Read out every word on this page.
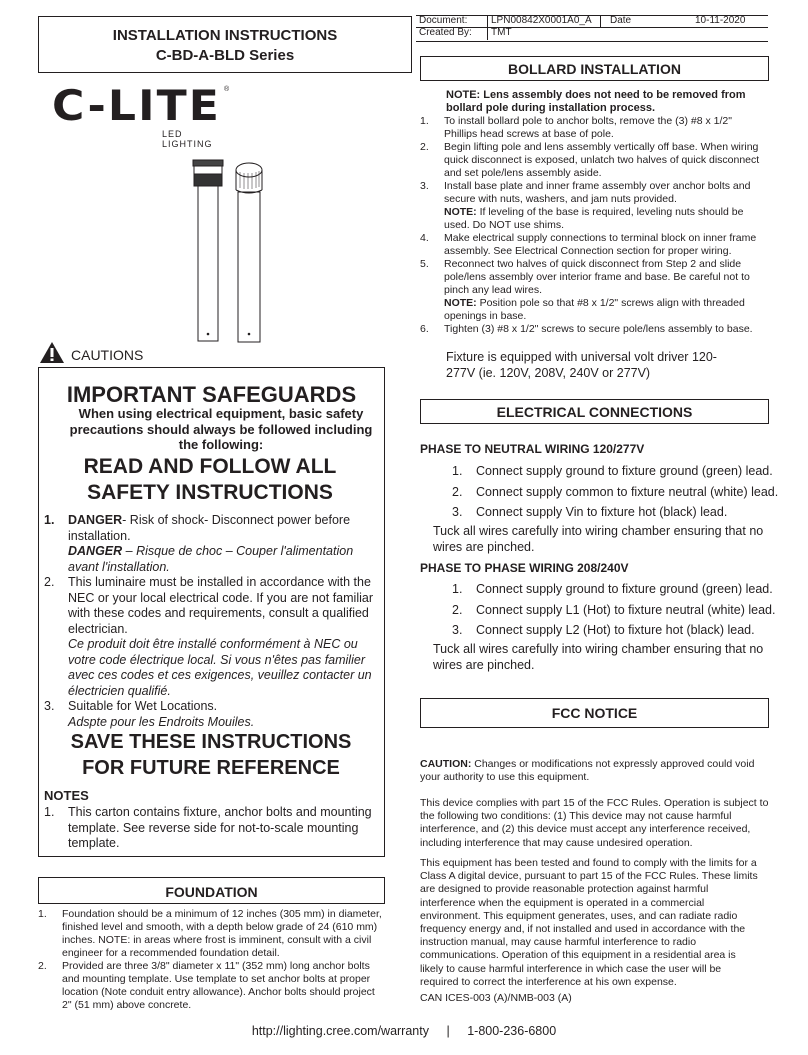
INSTALLATION INSTRUCTIONS
C-BD-A-BLD Series
Document: LPN00842X0001A0_A Date	10-11-2020
Created By: TMT
C-LITE ®
LED LIGHTING
CAUTIONS
IMPORTANT SAFEGUARDS
When using electrical equipment, basic safety precautions should always be followed including the following:
READ AND FOLLOW ALL SAFETY INSTRUCTIONS
1. DANGER- Risk of shock- Disconnect power before installation.
DANGER – Risque de choc – Couper l'alimentation avant l'installation.
2. This luminaire must be installed in accordance with the NEC or your local electrical code. If you are not familiar with these codes and requirements, consult a qualified electrician.
Ce produit doit être installé conformément à NEC ou votre code électrique local. Si vous n'êtes pas familier avec ces codes et ces exigences, veuillez contacter un électricien qualifié.
3. Suitable for Wet Locations.
Adspte pour les Endroits Mouiles.
SAVE THESE INSTRUCTIONS FOR FUTURE REFERENCE
NOTES
1. This carton contains fixture, anchor bolts and mounting template. See reverse side for not-to-scale mounting template.
FOUNDATION
1. Foundation should be a minimum of 12 inches (305 mm) in diameter, finished level and smooth, with a depth below grade of 24 (610 mm) inches. NOTE: in areas where frost is imminent, consult with a civil engineer for a recommended foundation detail.
2. Provided are three 3/8" diameter x 11" (352 mm) long anchor bolts and mounting template. Use template to set anchor bolts at proper location (Note conduit entry allowance). Anchor bolts should project 2" (51 mm) above concrete.
BOLLARD INSTALLATION
NOTE: Lens assembly does not need to be removed from bollard pole during installation process.
1. To install bollard pole to anchor bolts, remove the (3) #8 x 1/2" Phillips head screws at base of pole.
2. Begin lifting pole and lens assembly vertically off base. When wiring quick disconnect is exposed, unlatch two halves of quick disconnect and set pole/lens assembly aside.
3. Install base plate and inner frame assembly over anchor bolts and secure with nuts, washers, and jam nuts provided.
NOTE: If leveling of the base is required, leveling nuts should be used. Do NOT use shims.
4. Make electrical supply connections to terminal block on inner frame assembly. See Electrical Connection section for proper wiring.
5. Reconnect two halves of quick disconnect from Step 2 and slide pole/lens assembly over interior frame and base. Be careful not to pinch any lead wires.
NOTE: Position pole so that #8 x 1/2" screws align with threaded openings in base.
6. Tighten (3) #8 x 1/2" screws to secure pole/lens assembly to base.
Fixture is equipped with universal volt driver 120-277V (ie. 120V, 208V, 240V or 277V)
ELECTRICAL CONNECTIONS
PHASE TO NEUTRAL WIRING 120/277V
1. Connect supply ground to fixture ground (green) lead.
2. Connect supply common to fixture neutral (white) lead.
3. Connect supply Vin to fixture hot (black) lead.
Tuck all wires carefully into wiring chamber ensuring that no wires are pinched.
PHASE TO PHASE WIRING 208/240V
1. Connect supply ground to fixture ground (green) lead.
2. Connect supply L1 (Hot) to fixture neutral (white) lead.
3. Connect supply L2 (Hot) to fixture hot (black) lead.
Tuck all wires carefully into wiring chamber ensuring that no wires are pinched.
FCC NOTICE
CAUTION: Changes or modifications not expressly approved could void your authority to use this equipment.
This device complies with part 15 of the FCC Rules. Operation is subject to the following two conditions: (1) This device may not cause harmful interference, and (2) this device must accept any interference received, including interference that may cause undesired operation.
This equipment has been tested and found to comply with the limits for a Class A digital device, pursuant to part 15 of the FCC Rules. These limits are designed to provide reasonable protection against harmful interference when the equipment is operated in a commercial environment. This equipment generates, uses, and can radiate radio frequency energy and, if not installed and used in accordance with the instruction manual, may cause harmful interference to radio communications. Operation of this equipment in a residential area is likely to cause harmful interference in which case the user will be required to correct the interference at his own expense.
CAN ICES-003 (A)/NMB-003 (A)
http://lighting.cree.com/warranty | 1-800-236-6800
